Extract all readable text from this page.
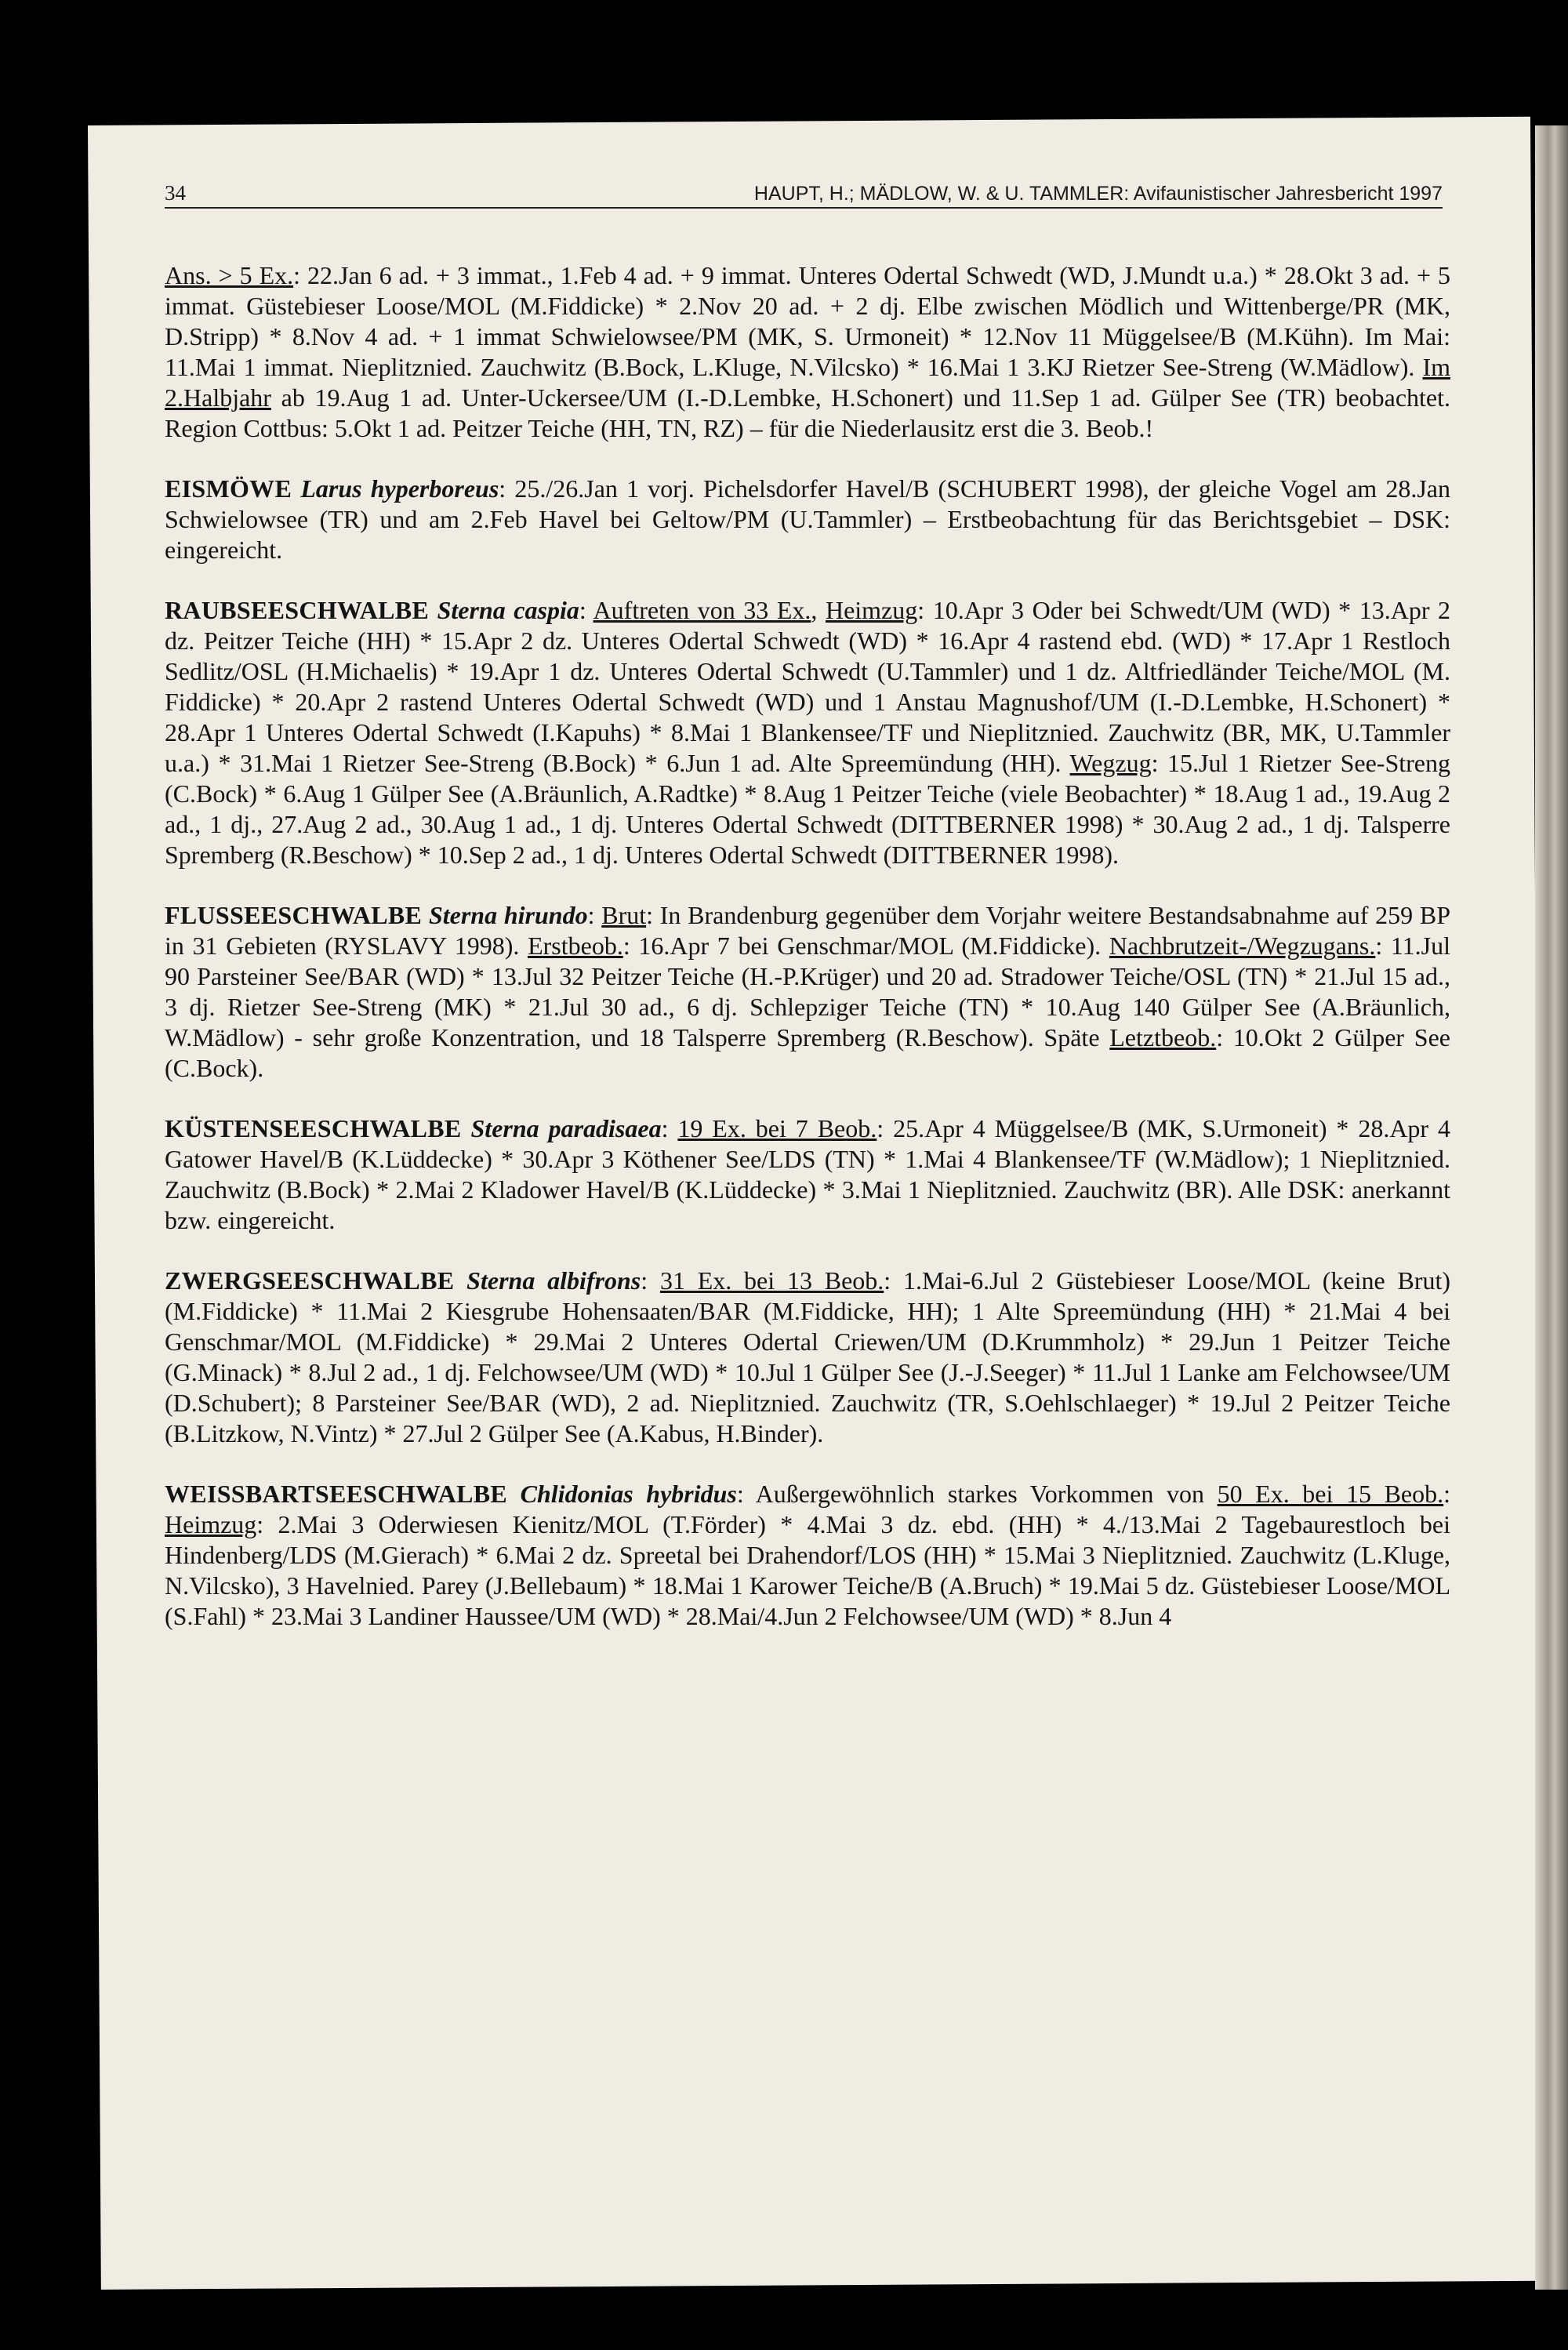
34	HAUPT, H.; MÄDLOW, W. & U. TAMMLER: Avifaunistischer Jahresbericht 1997

Ans. > 5 Ex.: 22.Jan 6 ad. + 3 immat., 1.Feb 4 ad. + 9 immat. Unteres Odertal Schwedt (WD, J.Mundt u.a.) * 28.Okt 3 ad. + 5 immat. Güstebieser Loose/MOL (M.Fiddicke) * 2.Nov 20 ad. + 2 dj. Elbe zwischen Mödlich und Wittenberge/PR (MK, D.Stripp) * 8.Nov 4 ad. + 1 immat Schwielowsee/PM (MK, S. Urmoneit) * 12.Nov 11 Müggelsee/B (M.Kühn). Im Mai: 11.Mai 1 immat. Nieplitznied. Zauchwitz (B.Bock, L.Kluge, N.Vilcsko) * 16.Mai 1 3.KJ Rietzer See-Streng (W.Mädlow). Im 2.Halbjahr ab 19.Aug 1 ad. Unter-Uckersee/UM (I.-D.Lembke, H.Schonert) und 11.Sep 1 ad. Gülper See (TR) beobachtet. Region Cottbus: 5.Okt 1 ad. Peitzer Teiche (HH, TN, RZ) – für die Niederlausitz erst die 3. Beob.!

EISMÖWE Larus hyperboreus: 25./26.Jan 1 vorj. Pichelsdorfer Havel/B (SCHUBERT 1998), der gleiche Vogel am 28.Jan Schwielowsee (TR) und am 2.Feb Havel bei Geltow/PM (U.Tammler) – Erstbeobachtung für das Berichtsgebiet – DSK: eingereicht.

RAUBSEESCHWALBE Sterna caspia: Auftreten von 33 Ex., Heimzug: 10.Apr 3 Oder bei Schwedt/UM (WD) * 13.Apr 2 dz. Peitzer Teiche (HH) * 15.Apr 2 dz. Unteres Odertal Schwedt (WD) * 16.Apr 4 rastend ebd. (WD) * 17.Apr 1 Restloch Sedlitz/OSL (H.Michaelis) * 19.Apr 1 dz. Unteres Odertal Schwedt (U.Tammler) und 1 dz. Altfriedländer Teiche/MOL (M. Fiddicke) * 20.Apr 2 rastend Unteres Odertal Schwedt (WD) und 1 Anstau Magnushof/UM (I.-D.Lembke, H.Schonert) * 28.Apr 1 Unteres Odertal Schwedt (I.Kapuhs) * 8.Mai 1 Blankensee/TF und Nieplitznied. Zauchwitz (BR, MK, U.Tammler u.a.) * 31.Mai 1 Rietzer See-Streng (B.Bock) * 6.Jun 1 ad. Alte Spreemündung (HH). Wegzug: 15.Jul 1 Rietzer See-Streng (C.Bock) * 6.Aug 1 Gülper See (A.Bräunlich, A.Radtke) * 8.Aug 1 Peitzer Teiche (viele Beobachter) * 18.Aug 1 ad., 19.Aug 2 ad., 1 dj., 27.Aug 2 ad., 30.Aug 1 ad., 1 dj. Unteres Odertal Schwedt (DITTBERNER 1998) * 30.Aug 2 ad., 1 dj. Talsperre Spremberg (R.Beschow) * 10.Sep 2 ad., 1 dj. Unteres Odertal Schwedt (DITTBERNER 1998).

FLUSSEESCHWALBE Sterna hirundo: Brut: In Brandenburg gegenüber dem Vorjahr weitere Bestandsabnahme auf 259 BP in 31 Gebieten (RYSLAVY 1998). Erstbeob.: 16.Apr 7 bei Genschmar/MOL (M.Fiddicke). Nachbrutzeit-/Wegzugans.: 11.Jul 90 Parsteiner See/BAR (WD) * 13.Jul 32 Peitzer Teiche (H.-P.Krüger) und 20 ad. Stradower Teiche/OSL (TN) * 21.Jul 15 ad., 3 dj. Rietzer See-Streng (MK) * 21.Jul 30 ad., 6 dj. Schlepziger Teiche (TN) * 10.Aug 140 Gülper See (A.Bräunlich, W.Mädlow) - sehr große Konzentration, und 18 Talsperre Spremberg (R.Beschow). Späte Letztbeob.: 10.Okt 2 Gülper See (C.Bock).

KÜSTENSEESCHWALBE Sterna paradisaea: 19 Ex. bei 7 Beob.: 25.Apr 4 Müggelsee/B (MK, S.Urmoneit) * 28.Apr 4 Gatower Havel/B (K.Lüddecke) * 30.Apr 3 Köthener See/LDS (TN) * 1.Mai 4 Blankensee/TF (W.Mädlow); 1 Nieplitznied. Zauchwitz (B.Bock) * 2.Mai 2 Kladower Havel/B (K.Lüddecke) * 3.Mai 1 Nieplitznied. Zauchwitz (BR). Alle DSK: anerkannt bzw. eingereicht.

ZWERGSEESCHWALBE Sterna albifrons: 31 Ex. bei 13 Beob.: 1.Mai-6.Jul 2 Güstebieser Loose/MOL (keine Brut) (M.Fiddicke) * 11.Mai 2 Kiesgrube Hohensaaten/BAR (M.Fiddicke, HH); 1 Alte Spreemündung (HH) * 21.Mai 4 bei Genschmar/MOL (M.Fiddicke) * 29.Mai 2 Unteres Odertal Criewen/UM (D.Krummholz) * 29.Jun 1 Peitzer Teiche (G.Minack) * 8.Jul 2 ad., 1 dj. Felchowsee/UM (WD) * 10.Jul 1 Gülper See (J.-J.Seeger) * 11.Jul 1 Lanke am Felchowsee/UM (D.Schubert); 8 Parsteiner See/BAR (WD), 2 ad. Nieplitznied. Zauchwitz (TR, S.Oehlschlaeger) * 19.Jul 2 Peitzer Teiche (B.Litzkow, N.Vintz) * 27.Jul 2 Gülper See (A.Kabus, H.Binder).

WEISSBARTSEESCHWALBE Chlidonias hybridus: Außergewöhnlich starkes Vorkommen von 50 Ex. bei 15 Beob.: Heimzug: 2.Mai 3 Oderwiesen Kienitz/MOL (T.Förder) * 4.Mai 3 dz. ebd. (HH) * 4./13.Mai 2 Tagebaurestloch bei Hindenberg/LDS (M.Gierach) * 6.Mai 2 dz. Spreetal bei Drahendorf/LOS (HH) * 15.Mai 3 Nieplitznied. Zauchwitz (L.Kluge, N.Vilcsko), 3 Havelnied. Parey (J.Bellebaum) * 18.Mai 1 Karower Teiche/B (A.Bruch) * 19.Mai 5 dz. Güstebieser Loose/MOL (S.Fahl) * 23.Mai 3 Landiner Haussee/UM (WD) * 28.Mai/4.Jun 2 Felchowsee/UM (WD) * 8.Jun 4
